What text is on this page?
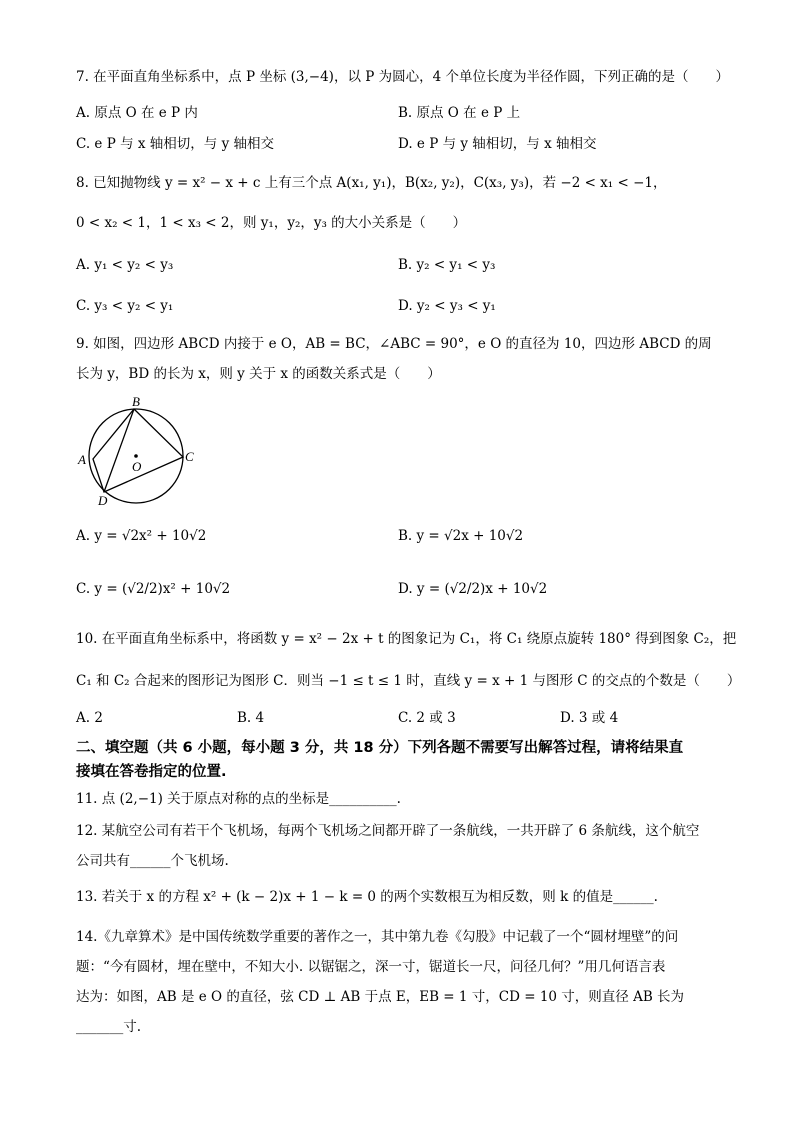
7. 在平面直角坐标系中，点 P 坐标 (3,−4)，以 P 为圆心，4 个单位长度为半径作圆，下列正确的是（　　）
A. 原点 O 在 e P 内	B. 原点 O 在 e P 上
C. e P 与 x 轴相切，与 y 轴相交	D. e P 与 y 轴相切，与 x 轴相交
8. 已知抛物线 y = x² − x + c 上有三个点 A(x₁, y₁)，B(x₂, y₂)，C(x₃, y₃)，若 −2 < x₁ < −1，
0 < x₂ < 1，1 < x₃ < 2，则 y₁，y₂，y₃ 的大小关系是（　　）
A. y₁ < y₂ < y₃	B. y₂ < y₁ < y₃
C. y₃ < y₂ < y₁	D. y₂ < y₃ < y₁
9. 如图，四边形 ABCD 内接于 e O，AB = BC，∠ABC = 90°，e O 的直径为 10，四边形 ABCD 的周
长为 y，BD 的长为 x，则 y 关于 x 的函数关系式是（　　）
B
A	C
D
O
A. y = √2x² + 10√2	B. y = √2x + 10√2
C. y = (√2/2)x² + 10√2	D. y = (√2/2)x + 10√2
10. 在平面直角坐标系中，将函数 y = x² − 2x + t 的图象记为 C₁，将 C₁ 绕原点旋转 180° 得到图象 C₂，把
C₁ 和 C₂ 合起来的图形记为图形 C．则当 −1 ≤ t ≤ 1 时，直线 y = x + 1 与图形 C 的交点的个数是（　　）
A. 2	B. 4	C. 2 或 3	D. 3 或 4
二、填空题（共 6 小题，每小题 3 分，共 18 分）下列各题不需要写出解答过程，请将结果直
接填在答卷指定的位置.
11. 点 (2,−1) 关于原点对称的点的坐标是__________.
12. 某航空公司有若干个飞机场，每两个飞机场之间都开辟了一条航线，一共开辟了 6 条航线，这个航空
公司共有______个飞机场.
13. 若关于 x 的方程 x² + (k − 2)x + 1 − k = 0 的两个实数根互为相反数，则 k 的值是______.
14.《九章算术》是中国传统数学重要的著作之一，其中第九卷《勾股》中记载了一个“圆材埋壁”的问
题：“今有圆材，埋在壁中，不知大小. 以锯锯之，深一寸，锯道长一尺，问径几何？”用几何语言表
达为：如图，AB 是 e O 的直径，弦 CD ⊥ AB 于点 E，EB = 1 寸，CD = 10 寸，则直径 AB 长为
_______寸.
